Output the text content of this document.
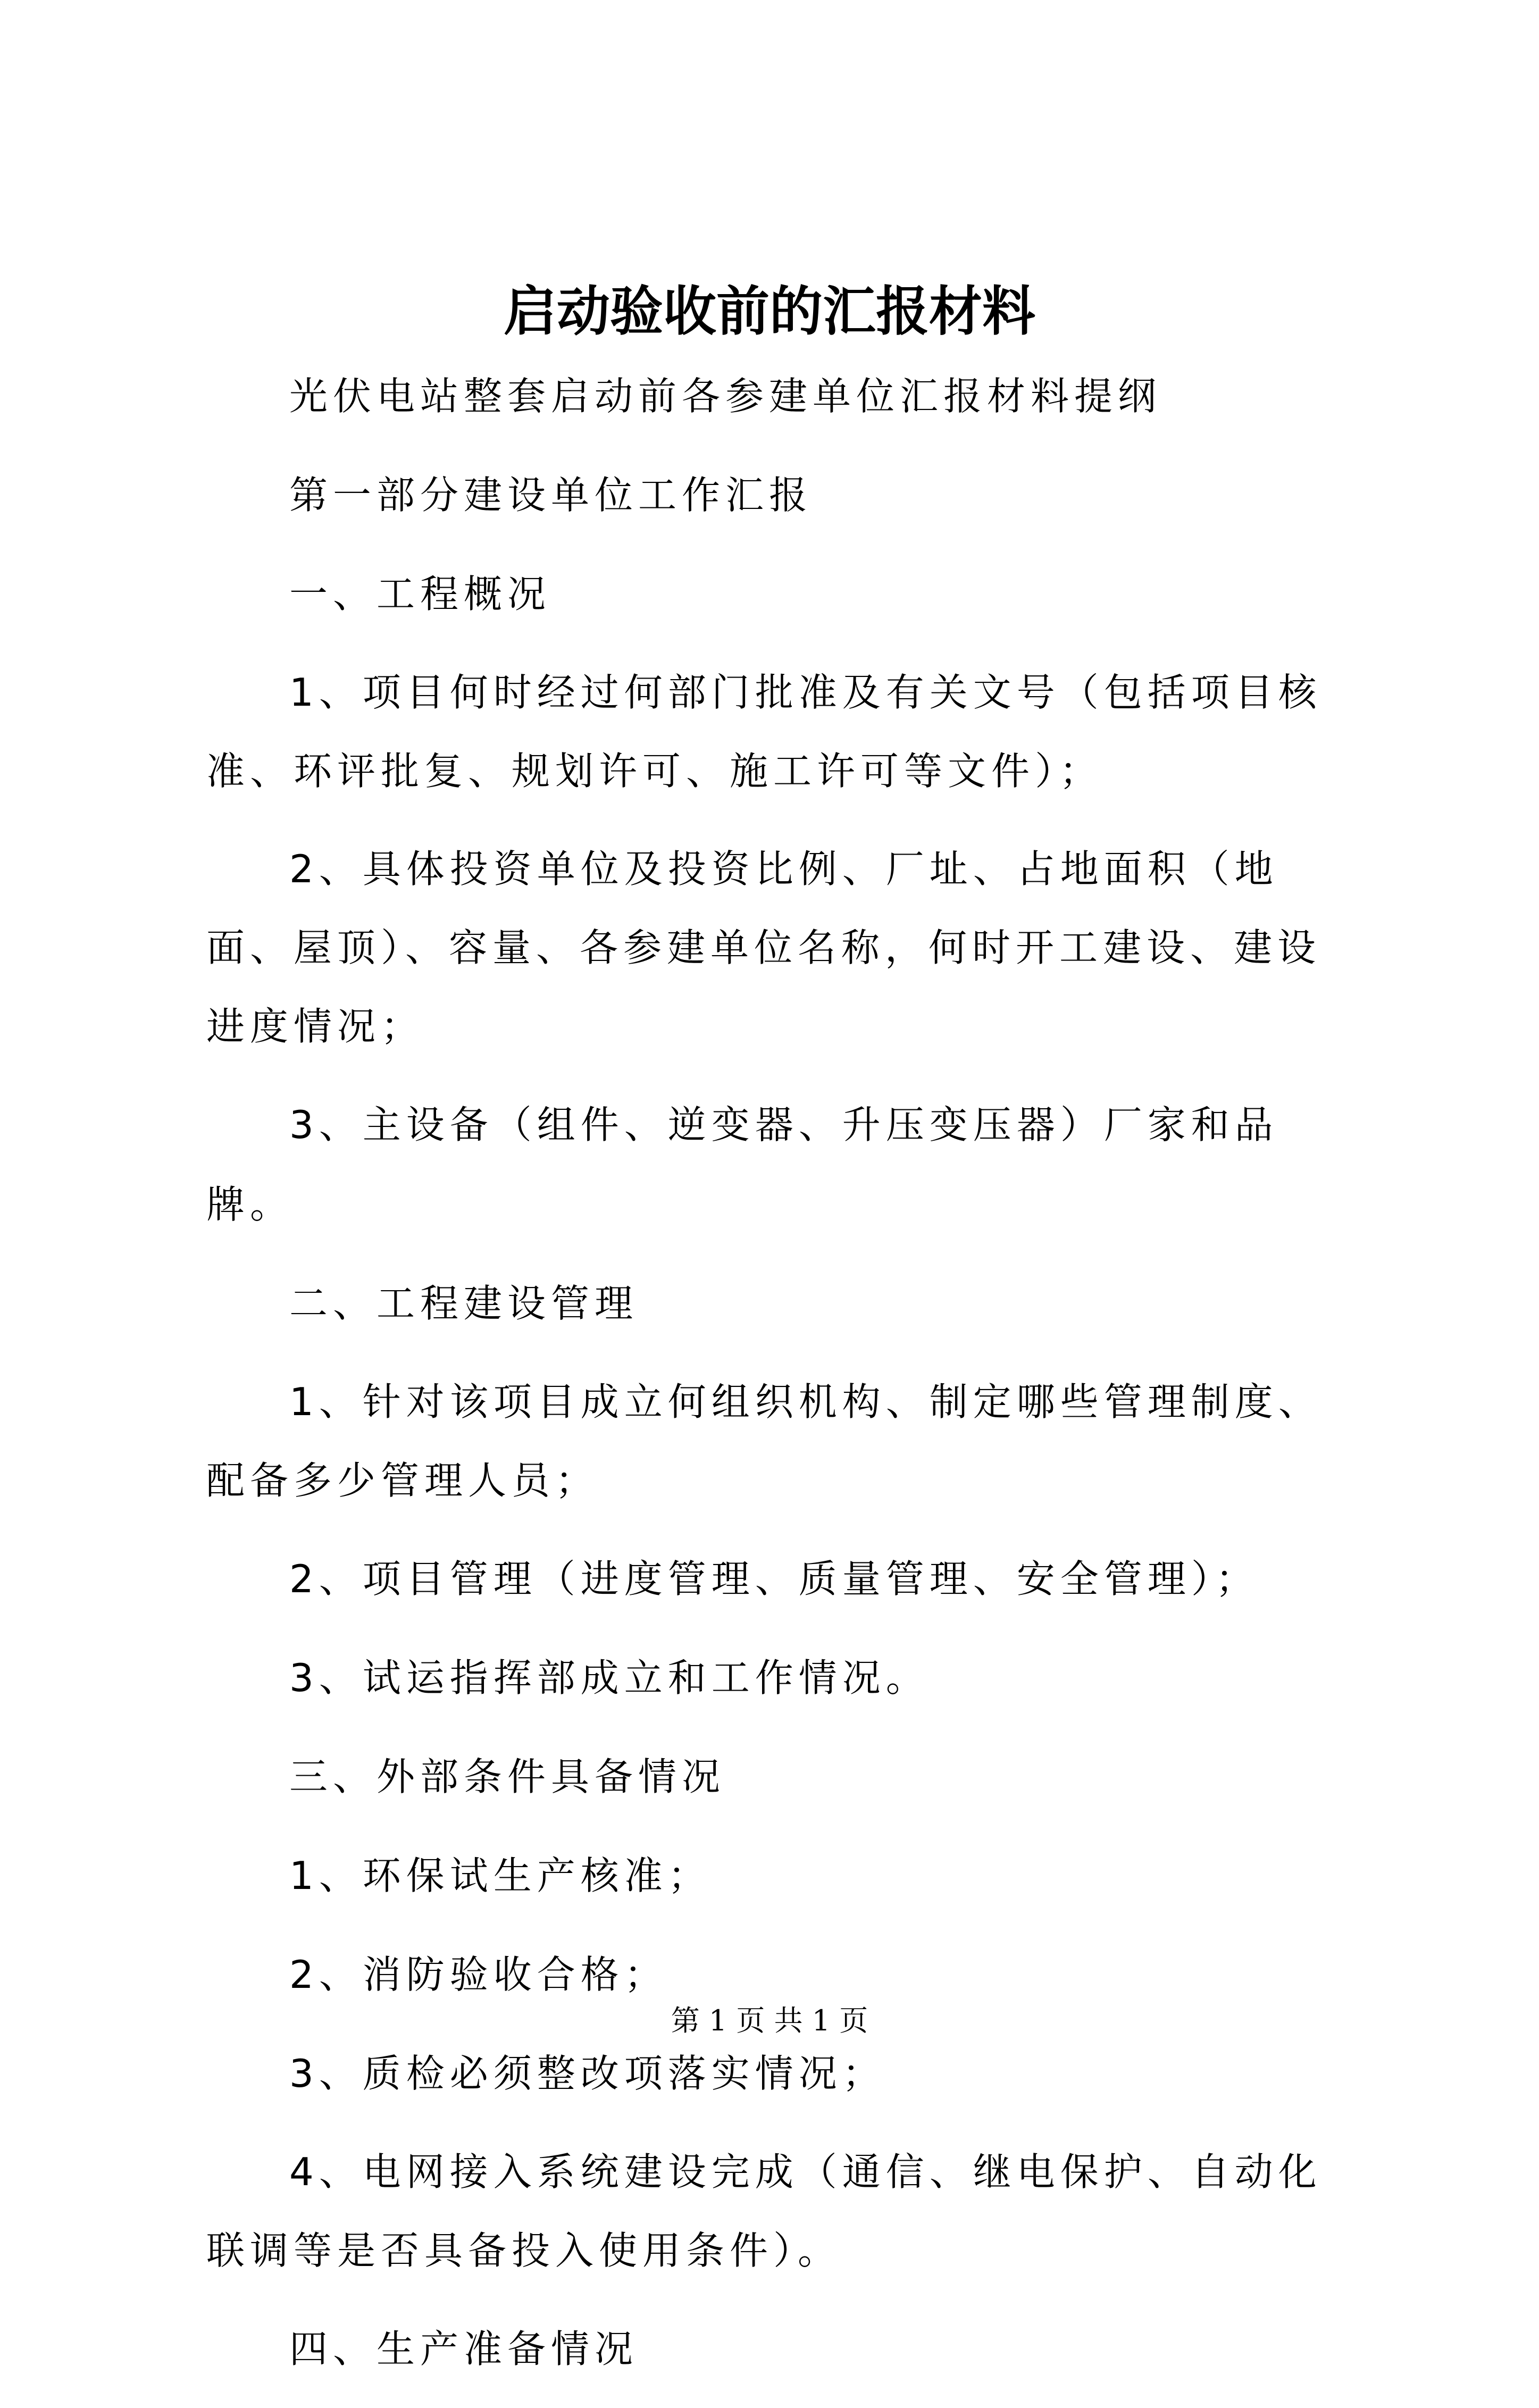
启动验收前的汇报材料

光伏电站整套启动前各参建单位汇报材料提纲

第一部分建设单位工作汇报

一、工程概况

1、项目何时经过何部门批准及有关文号（包括项目核准、环评批复、规划许可、施工许可等文件）；

2、具体投资单位及投资比例、厂址、占地面积（地面、屋顶）、容量、各参建单位名称，何时开工建设、建设进度情况；

3、主设备（组件、逆变器、升压变压器）厂家和品牌。

二、工程建设管理

1、针对该项目成立何组织机构、制定哪些管理制度、配备多少管理人员；

2、项目管理（进度管理、质量管理、安全管理）；

3、试运指挥部成立和工作情况。

三、外部条件具备情况

1、环保试生产核准；

2、消防验收合格；

3、质检必须整改项落实情况；

4、电网接入系统建设完成（通信、继电保护、自动化联调等是否具备投入使用条件）。

四、生产准备情况

第 1 页 共 1 页
